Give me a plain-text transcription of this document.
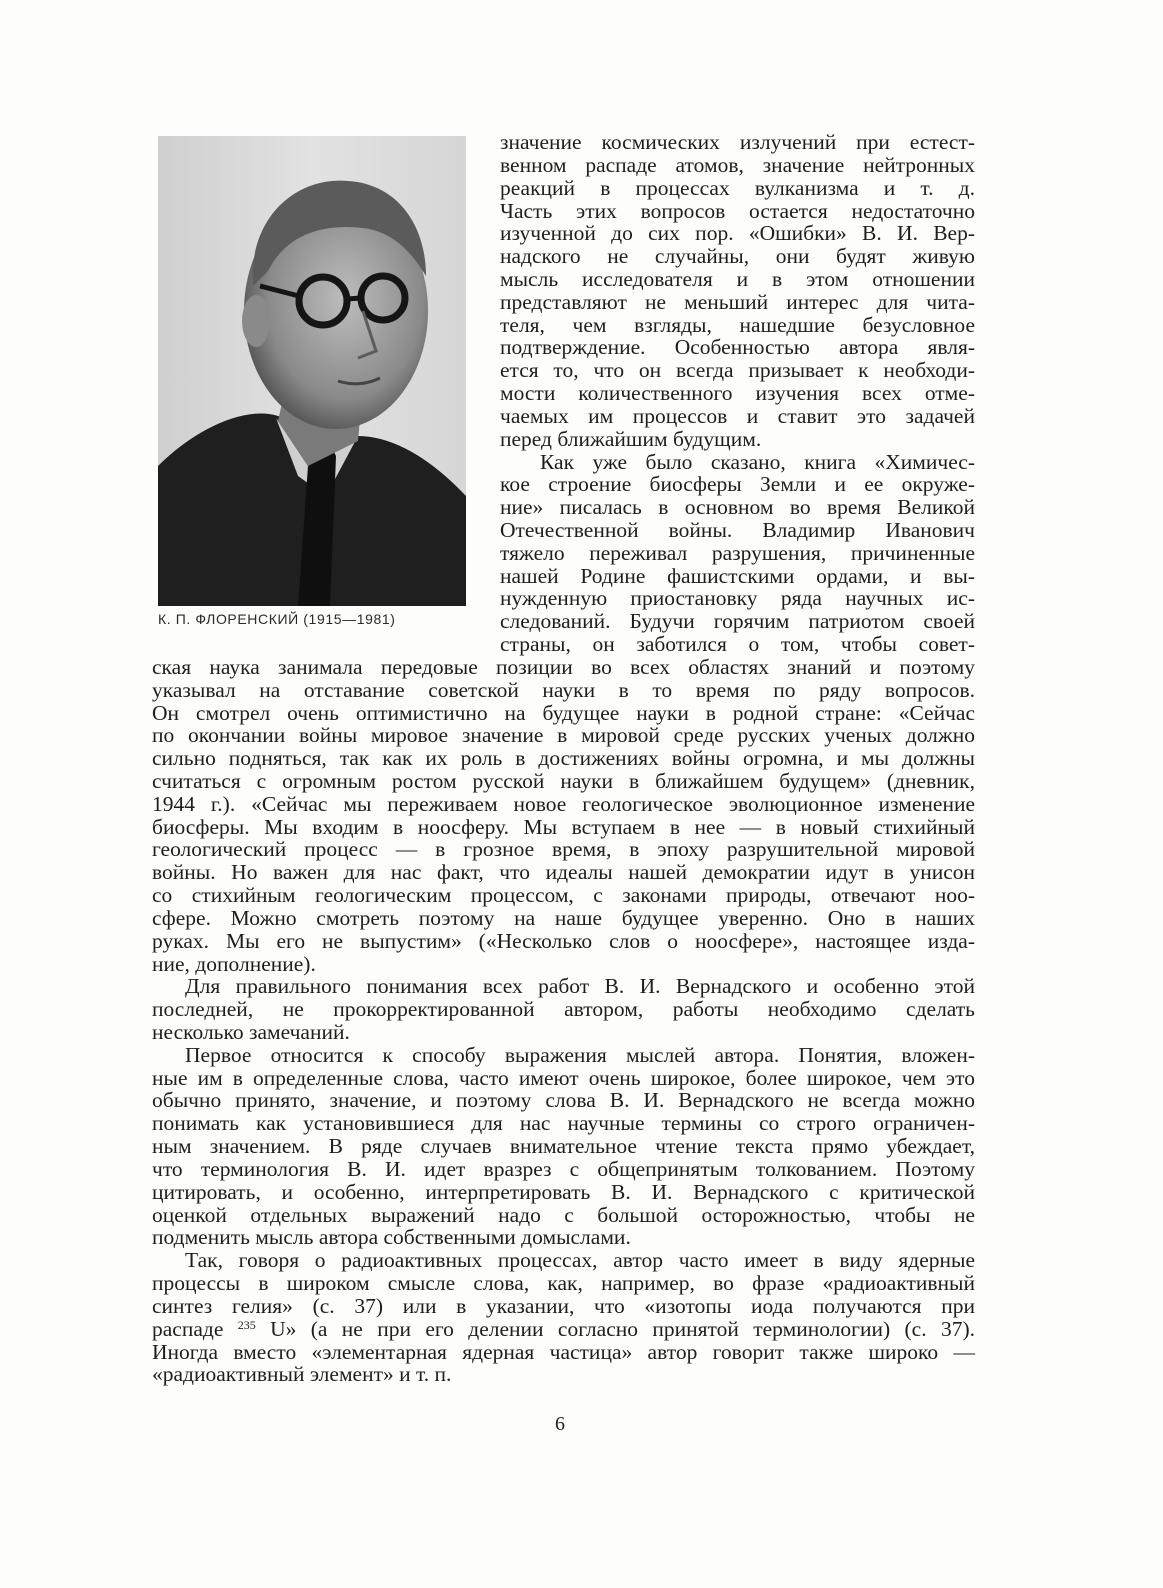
К. П. ФЛОРЕНСКИЙ (1915—1981)
значение космических излучений при естест-
венном распаде атомов, значение нейтронных
реакций в процессах вулканизма и т. д.
Часть этих вопросов остается недостаточно
изученной до сих пор. «Ошибки» В. И. Вер-
надского не случайны, они будят живую
мысль исследователя и в этом отношении
представляют не меньший интерес для чита-
теля, чем взгляды, нашедшие безусловное
подтверждение. Особенностью автора явля-
ется то, что он всегда призывает к необходи-
мости количественного изучения всех отме-
чаемых им процессов и ставит это задачей
перед ближайшим будущим.
Как уже было сказано, книга «Химичес-
кое строение биосферы Земли и ее окруже-
ние» писалась в основном во время Великой
Отечественной войны. Владимир Иванович
тяжело переживал разрушения, причиненные
нашей Родине фашистскими ордами, и вы-
нужденную приостановку ряда научных ис-
следований. Будучи горячим патриотом своей
страны, он заботился о том, чтобы совет-
ская наука занимала передовые позиции во всех областях знаний и поэтому
указывал на отставание советской науки в то время по ряду вопросов.
Он смотрел очень оптимистично на будущее науки в родной стране: «Сейчас
по окончании войны мировое значение в мировой среде русских ученых должно
сильно подняться, так как их роль в достижениях войны огромна, и мы должны
считаться с огромным ростом русской науки в ближайшем будущем» (дневник,
1944 г.). «Сейчас мы переживаем новое геологическое эволюционное изменение
биосферы. Мы входим в ноосферу. Мы вступаем в нее — в новый стихийный
геологический процесс — в грозное время, в эпоху разрушительной мировой
войны. Но важен для нас факт, что идеалы нашей демократии идут в унисон
со стихийным геологическим процессом, с законами природы, отвечают ноо-
сфере. Можно смотреть поэтому на наше будущее уверенно. Оно в наших
руках. Мы его не выпустим» («Несколько слов о ноосфере», настоящее изда-
ние, дополнение).
Для правильного понимания всех работ В. И. Вернадского и особенно этой
последней, не прокорректированной автором, работы необходимо сделать
несколько замечаний.
Первое относится к способу выражения мыслей автора. Понятия, вложен-
ные им в определенные слова, часто имеют очень широкое, более широкое, чем это
обычно принято, значение, и поэтому слова В. И. Вернадского не всегда можно
понимать как установившиеся для нас научные термины со строго ограничен-
ным значением. В ряде случаев внимательное чтение текста прямо убеждает,
что терминология В. И. идет вразрез с общепринятым толкованием. Поэтому
цитировать, и особенно, интерпретировать В. И. Вернадского с критической
оценкой отдельных выражений надо с большой осторожностью, чтобы не
подменить мысль автора собственными домыслами.
Так, говоря о радиоактивных процессах, автор часто имеет в виду ядерные
процессы в широком смысле слова, как, например, во фразе «радиоактивный
синтез гелия» (с. 37) или в указании, что «изотопы иода получаются при
распаде $^{235}$ U» (а не при его делении согласно принятой терминологии) (с. 37).
Иногда вместо «элементарная ядерная частица» автор говорит также широко —
«радиоактивный элемент» и т. п.
6
